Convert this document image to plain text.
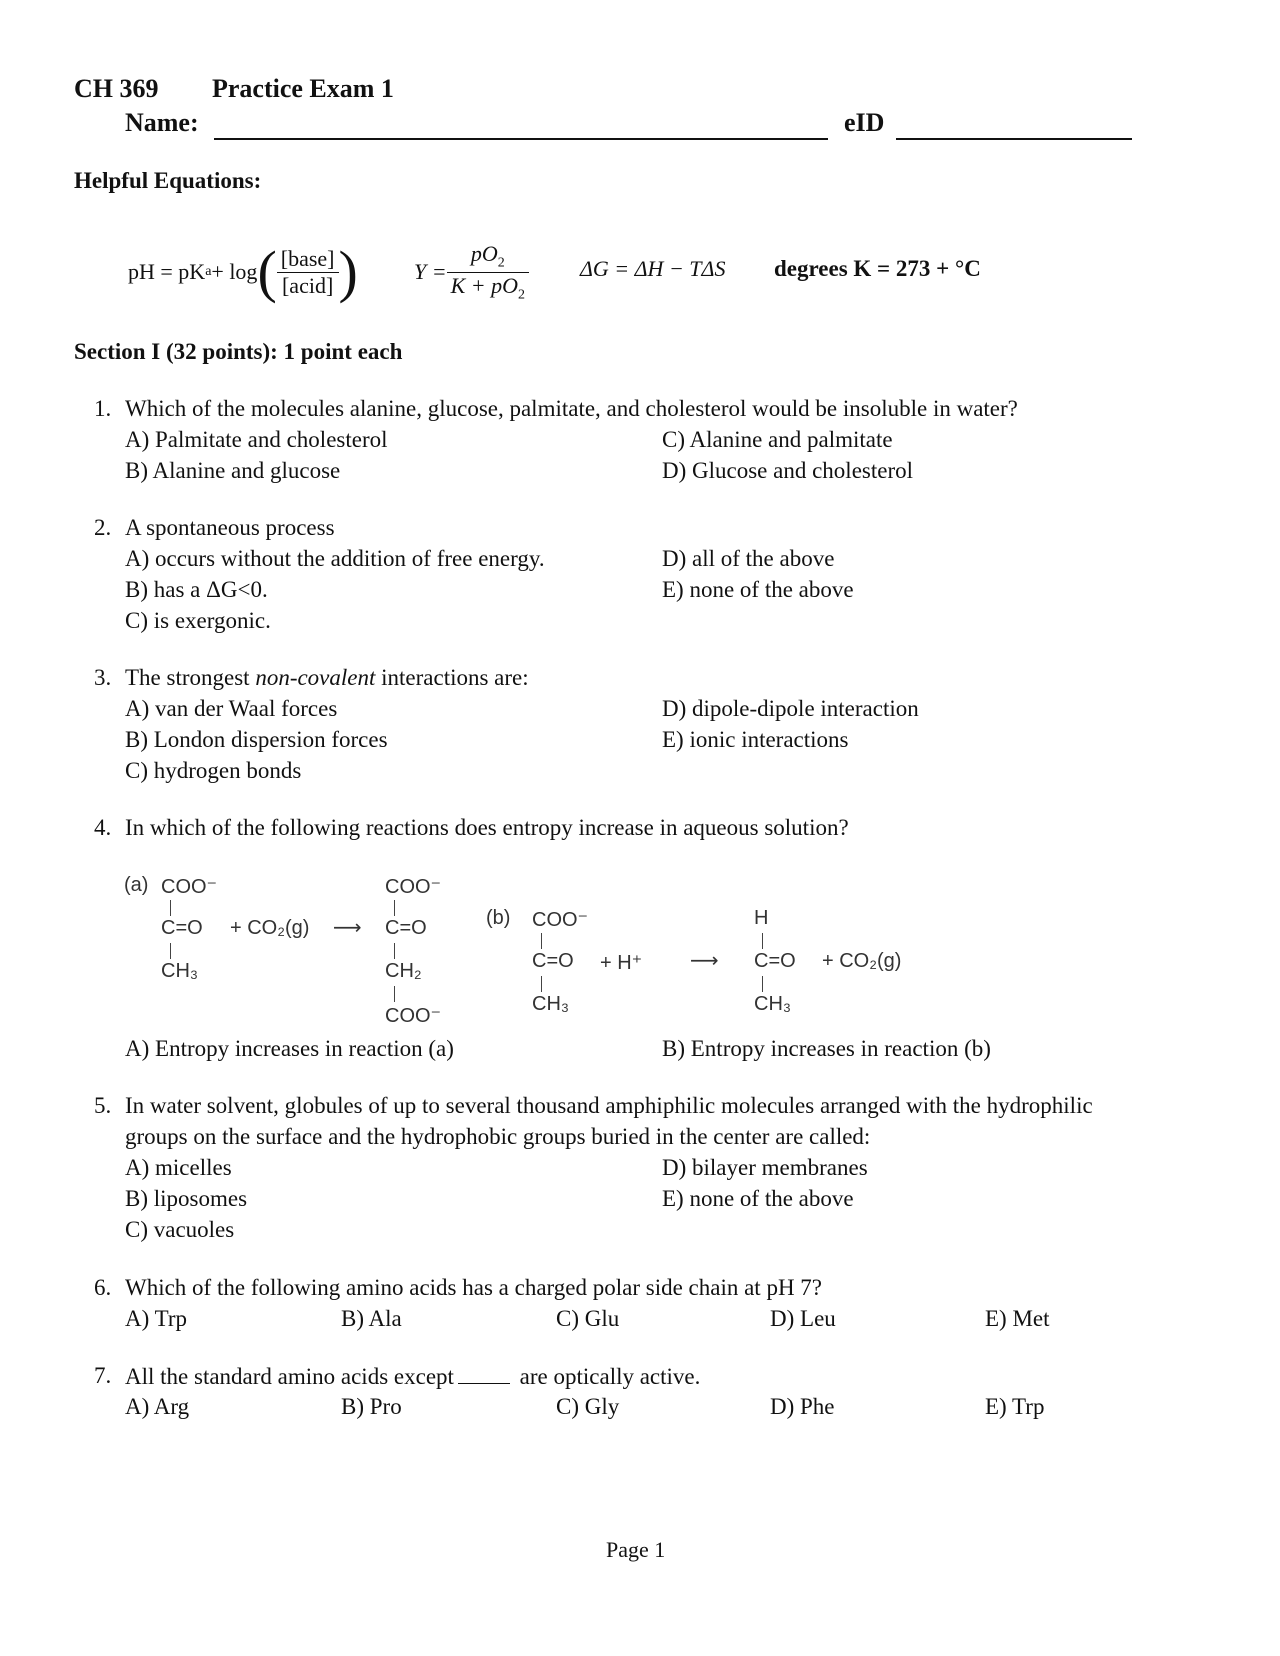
CH 369 Practice Exam 1
Name:	eID
Helpful Equations:
pH = pK a + log ( $\frac{\text{[base]}}{\text{[acid]}}$ )	$Y = \frac{pO_2}{K + pO_2}$ ΔG = ΔH − TΔS degrees K = 273 + °C
Section I (32 points): 1 point each
1. Which of the molecules alanine, glucose, palmitate, and cholesterol would be insoluble in water?
A) Palmitate and cholesterol
B) Alanine and glucose
C) Alanine and palmitate
D) Glucose and cholesterol
2. A spontaneous process
A) occurs without the addition of free energy.
B) has a ΔG<0.
C) is exergonic.
D) all of the above
E) none of the above
3. The strongest non-covalent interactions are:
A) van der Waal forces
B) London dispersion forces
C) hydrogen bonds
D) dipole-dipole interaction
E) ionic interactions
4. In which of the following reactions does entropy increase in aqueous solution?
(a) COO⁻
C=O + CO₂(g) ⟶
CH₃
COO⁻
C=O
CH₂
COO⁻
(b) COO⁻
C=O + H⁺ ⟶
CH₃
H
C=O + CO₂(g)
CH₃
A) Entropy increases in reaction (a)	B) Entropy increases in reaction (b)
5. In water solvent, globules of up to several thousand amphiphilic molecules arranged with the hydrophilic
groups on the surface and the hydrophobic groups buried in the center are called:
A) micelles
B) liposomes
C) vacuoles
D) bilayer membranes
E) none of the above
6. Which of the following amino acids has a charged polar side chain at pH 7?
A) Trp	B) Ala	C) Glu	D) Leu	E) Met
7. All the standard amino acids except	are optically active.
A) Arg	B) Pro	C) Gly	D) Phe	E) Trp
Page 1
